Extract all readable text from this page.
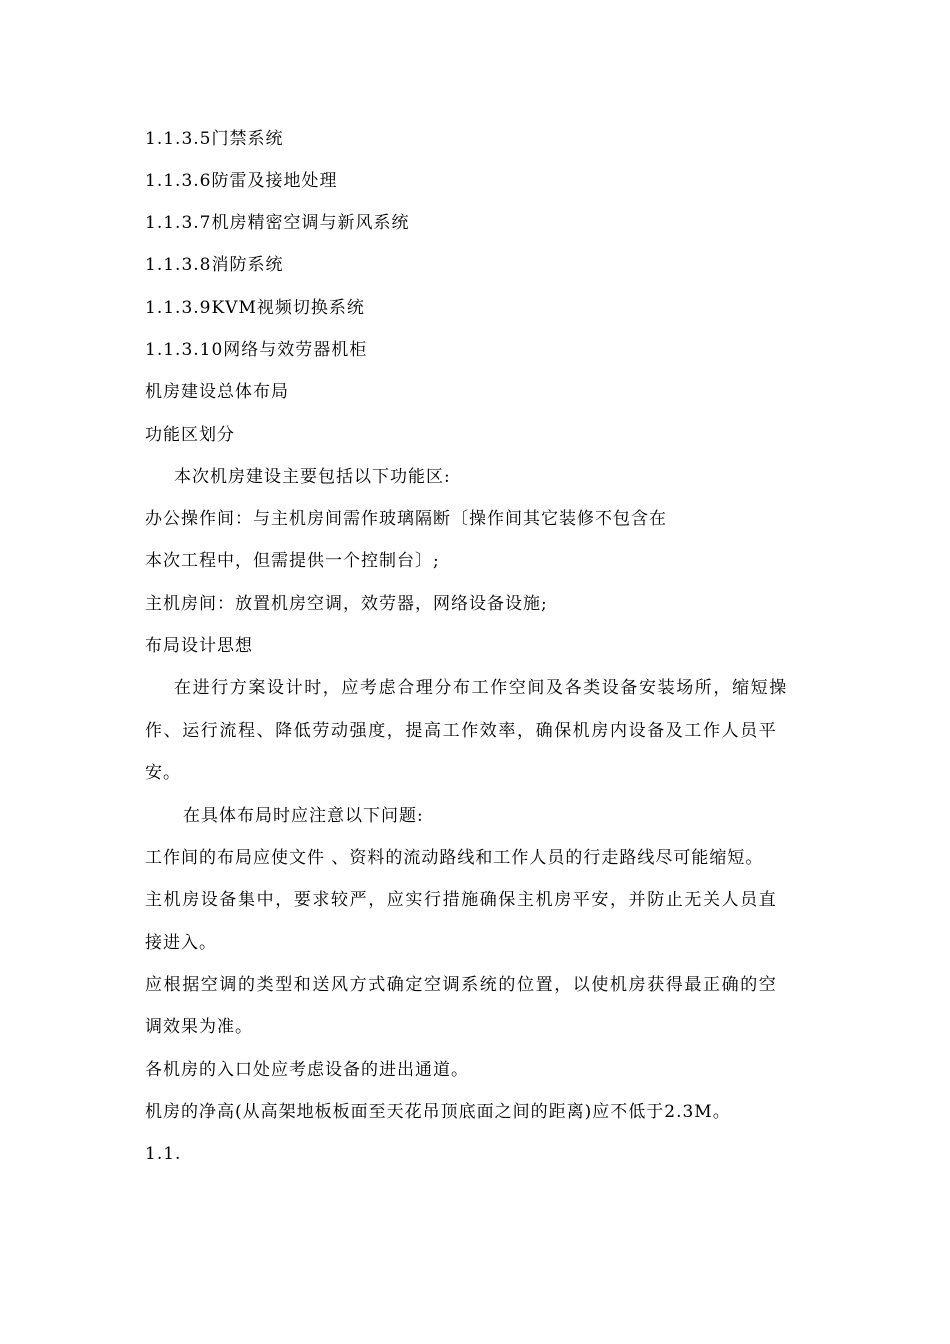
1.1.3.5门禁系统
1.1.3.6防雷及接地处理
1.1.3.7机房精密空调与新风系统
1.1.3.8消防系统
1.1.3.9KVM视频切换系统
1.1.3.10网络与效劳器机柜
机房建设总体布局
功能区划分
本次机房建设主要包括以下功能区:
办公操作间：与主机房间需作玻璃隔断〔操作间其它装修不包含在
本次工程中，但需提供一个控制台〕;
主机房间：放置机房空调，效劳器，网络设备设施;
布局设计思想
在进行方案设计时，应考虑合理分布工作空间及各类设备安装场所，缩短操
作、运行流程、降低劳动强度，提高工作效率，确保机房内设备及工作人员平
安。
在具体布局时应注意以下问题:
工作间的布局应使文件 、资料的流动路线和工作人员的行走路线尽可能缩短。
主机房设备集中，要求较严，应实行措施确保主机房平安，并防止无关人员直
接进入。
应根据空调的类型和送风方式确定空调系统的位置，以使机房获得最正确的空
调效果为准。
各机房的入口处应考虑设备的进出通道。
机房的净高(从高架地板板面至天花吊顶底面之间的距离)应不低于2.3M。
1.1.
